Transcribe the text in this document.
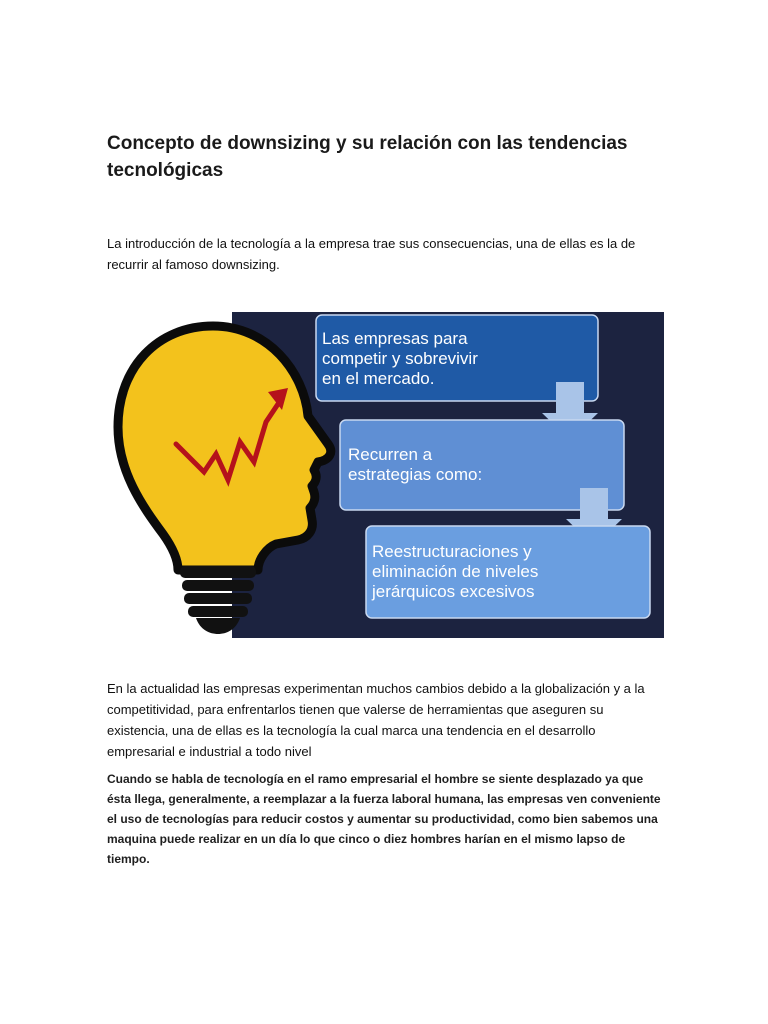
Concepto de downsizing y su relación con las tendencias tecnológicas
La introducción de la tecnología a la empresa trae sus consecuencias, una de ellas es la de recurrir al famoso downsizing.
Las empresas para competir y sobrevivir en el mercado.
Recurren a estrategias como:
Reestructuraciones y eliminación de niveles jerárquicos excesivos
En la actualidad las empresas experimentan muchos cambios debido a la globalización y a la competitividad, para enfrentarlos tienen que valerse de herramientas que aseguren su existencia, una de ellas es la tecnología la cual marca una tendencia en el desarrollo empresarial e industrial a todo nivel
Cuando se habla de tecnología en el ramo empresarial el hombre se siente desplazado ya que ésta llega, generalmente, a reemplazar a la fuerza laboral humana, las empresas ven conveniente el uso de tecnologías para reducir costos y aumentar su productividad, como bien sabemos una maquina puede realizar en un día lo que cinco o diez hombres harían en el mismo lapso de tiempo.
